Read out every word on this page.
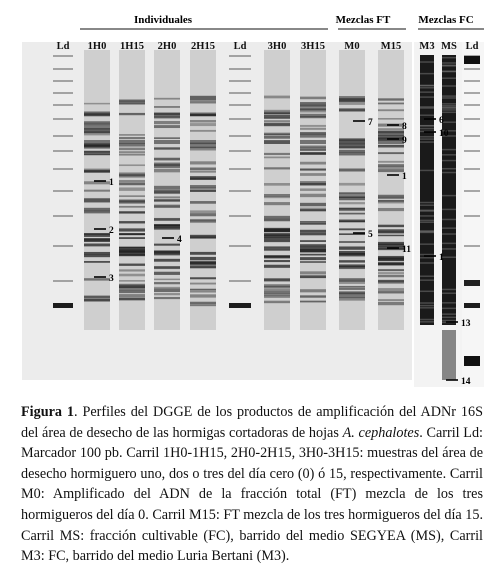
1
2
3
4
7	8
9
1
5
11
6
10
1
13
14
Individuales	Mezclas FT	Mezclas FC
Ld 1H0 1H15 2H0 2H15 Ld 3H0 3H15 M0 M15 M3 MS Ld
Figura 1. Perfiles del DGGE de los productos de amplificación del ADNr 16S del área de desecho de las hormigas cortadoras de hojas A. cephalotes. Carril Ld: Marcador 100 pb. Carril 1H0-1H15, 2H0-2H15, 3H0-3H15: muestras del área de desecho hormiguero uno, dos o tres del día cero (0) ó 15, respectivamente. Carril M0: Amplificado del ADN de la fracción total (FT) mezcla de los tres hormigueros del día 0. Carril M15: FT mezcla de los tres hormigueros del día 15. Carril MS: fracción cultivable (FC), barrido del medio SEGYEA (MS), Carril M3: FC, barrido del medio Luria Bertani (M3).
